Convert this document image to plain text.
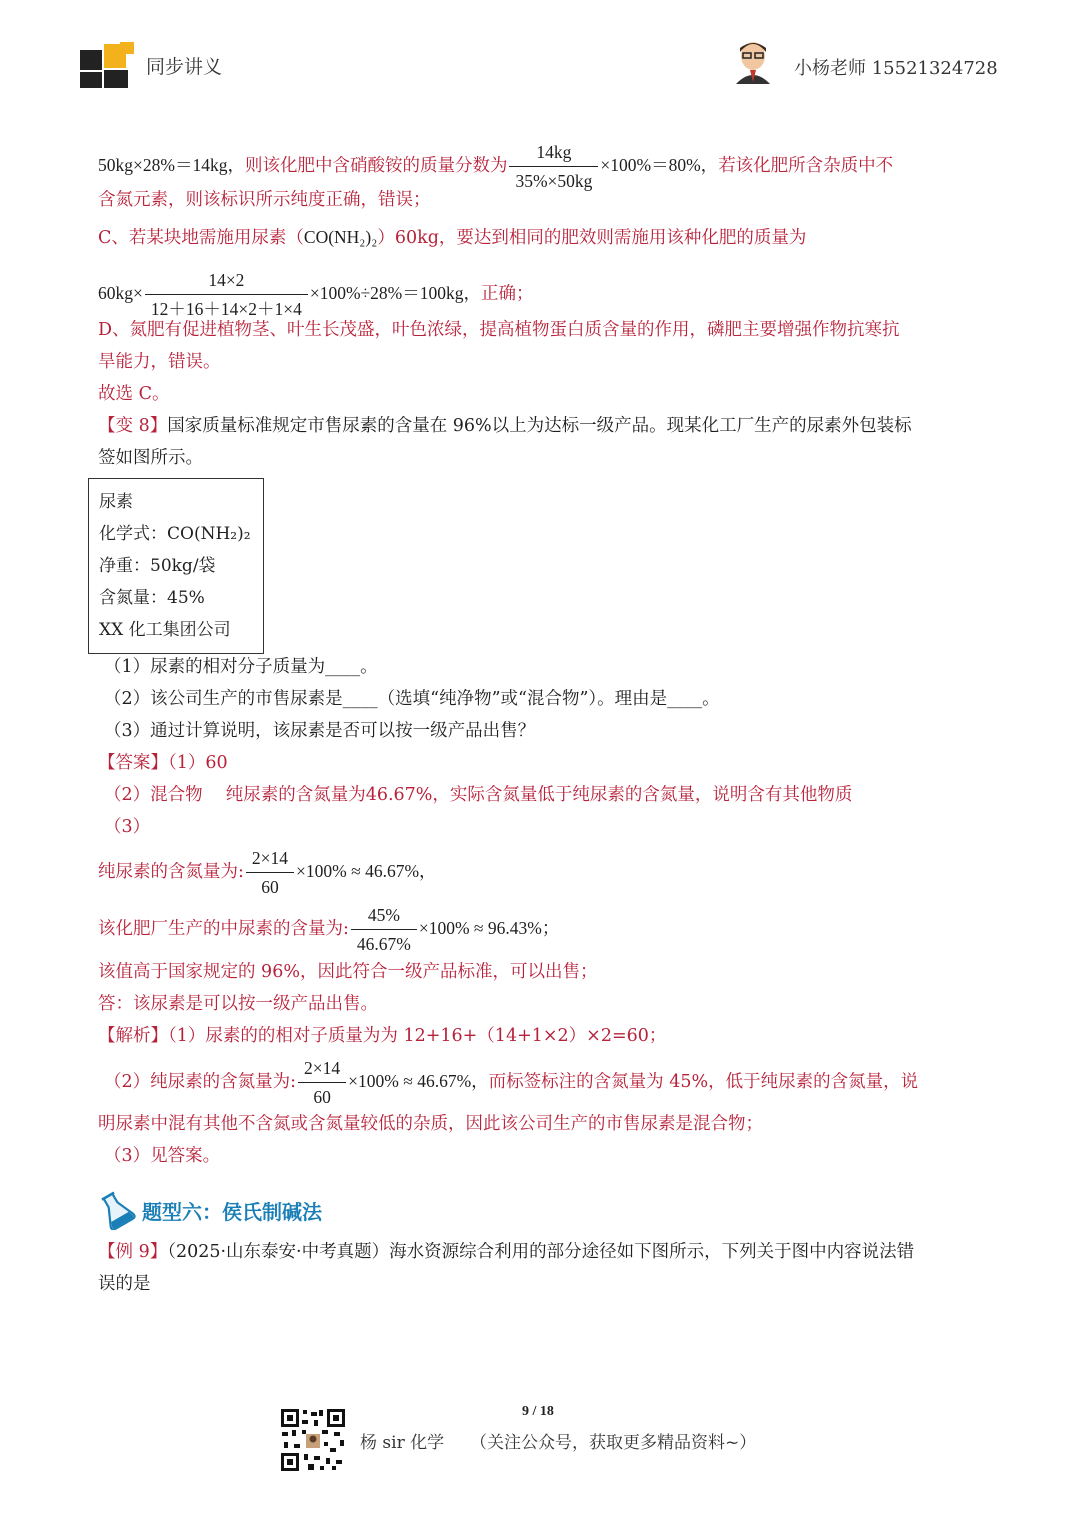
同步讲义	小杨老师 15521324728
50kg×28%＝14kg，则该化肥中含硝酸铵的质量分数为 $\frac{14kg}{35\%\times 50kg} \times 100\%=80\%$，若该化肥所含杂质中不
含氮元素，则该标识所示纯度正确，错误；
C、若某块地需施用尿素（CO(NH₂)₂）60kg，要达到相同的肥效则需施用该种化肥的质量为
$60kg\times \frac{14\times 2}{12+16+14\times 2+1\times 4} \times 100\%\div 28\%=100kg$，正确；
D、氮肥有促进植物茎、叶生长茂盛，叶色浓绿，提高植物蛋白质含量的作用，磷肥主要增强作物抗寒抗
旱能力，错误。
故选 C。
【变 8】国家质量标准规定市售尿素的含量在 96%以上为达标一级产品。现某化工厂生产的尿素外包装标
签如图所示。
尿素
化学式：CO(NH₂)₂
净重：50kg/袋
含氮量：45%
XX 化工集团公司
（1）尿素的相对分子质量为____。
（2）该公司生产的市售尿素是____（选填“纯净物”或“混合物”）。理由是____。
（3）通过计算说明，该尿素是否可以按一级产品出售？
【答案】（1）60
（2）混合物　 纯尿素的含氮量为46.67%，实际含氮量低于纯尿素的含氮量，说明含有其他物质
（3）
纯尿素的含氮量为: $\frac{2\times 14}{60} \times 100\% \approx 46.67\%$，
该化肥厂生产的中尿素的含量为: $\frac{45\%}{46.67\%} \times 100\% \approx 96.43\%$；
该值高于国家规定的 96%，因此符合一级产品标准，可以出售；
答：该尿素是可以按一级产品出售。
【解析】（1）尿素的的相对子质量为为 12+16+（14+1×2）×2=60；
（2）纯尿素的含氮量为: $\frac{2\times 14}{60} \times 100\% \approx 46.67\%$，而标签标注的含氮量为 45%，低于纯尿素的含氮量，说
明尿素中混有其他不含氮或含氮量较低的杂质，因此该公司生产的市售尿素是混合物；
（3）见答案。
题型六：侯氏制碱法
【例 9】（2025·山东泰安·中考真题）海水资源综合利用的部分途径如下图所示，下列关于图中内容说法错
误的是
9 / 18
杨 sir 化学 （关注公众号，获取更多精品资料~）
